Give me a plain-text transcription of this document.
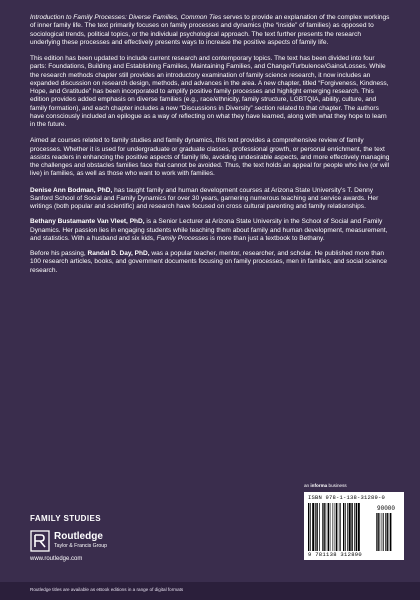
Introduction to Family Processes: Diverse Families, Common Ties serves to provide an explanation of the complex workings of inner family life. The text primarily focuses on family processes and dynamics (the “inside” of families) as opposed to sociological trends, political topics, or the individual psychological approach. The text further presents the research underlying these processes and effectively presents ways to increase the positive aspects of family life.

This edition has been updated to include current research and contemporary topics. The text has been divided into four parts: Foundations, Building and Establishing Families, Maintaining Families, and Change/Turbulence/Gains/Losses. While the research methods chapter still provides an introductory examination of family science research, it now includes an expanded discussion on research design, methods, and advances in the area. A new chapter, titled “Forgiveness, Kindness, Hope, and Gratitude” has been incorporated to amplify positive family processes and highlight emerging research. This edition provides added emphasis on diverse families (e.g., race/ethnicity, family structure, LGBTQIA, ability, culture, and family formation), and each chapter includes a new “Discussions in Diversity” section related to that chapter. The authors have consciously included an epilogue as a way of reflecting on what they have learned, along with what they hope to learn in the future.

Aimed at courses related to family studies and family dynamics, this text provides a comprehensive review of family processes. Whether it is used for undergraduate or graduate classes, professional growth, or personal enrichment, the text assists readers in enhancing the positive aspects of family life, avoiding undesirable aspects, and more effectively managing the challenges and obstacles families face that cannot be avoided. Thus, the text holds an appeal for people who live (or will live) in families, as well as those who want to work with families.

Denise Ann Bodman, PhD, has taught family and human development courses at Arizona State University’s T. Denny Sanford School of Social and Family Dynamics for over 30 years, garnering numerous teaching and service awards. Her writings (both popular and scientific) and research have focused on cross cultural parenting and family relationships.

Bethany Bustamante Van Vleet, PhD, is a Senior Lecturer at Arizona State University in the School of Social and Family Dynamics. Her passion lies in engaging students while teaching them about family and human development, measurement, and statistics. With a husband and six kids, Family Processes is more than just a textbook to Bethany.

Before his passing, Randal D. Day, PhD, was a popular teacher, mentor, researcher, and scholar. He published more than 100 research articles, books, and government documents focusing on family processes, men in families, and social science research.

FAMILY STUDIES
Routledge
Taylor & Francis Group
www.routledge.com
an informa business
ISBN 978-1-138-31289-0
90000
9 781138 312890
Routledge titles are available as eBook editions in a range of digital formats
